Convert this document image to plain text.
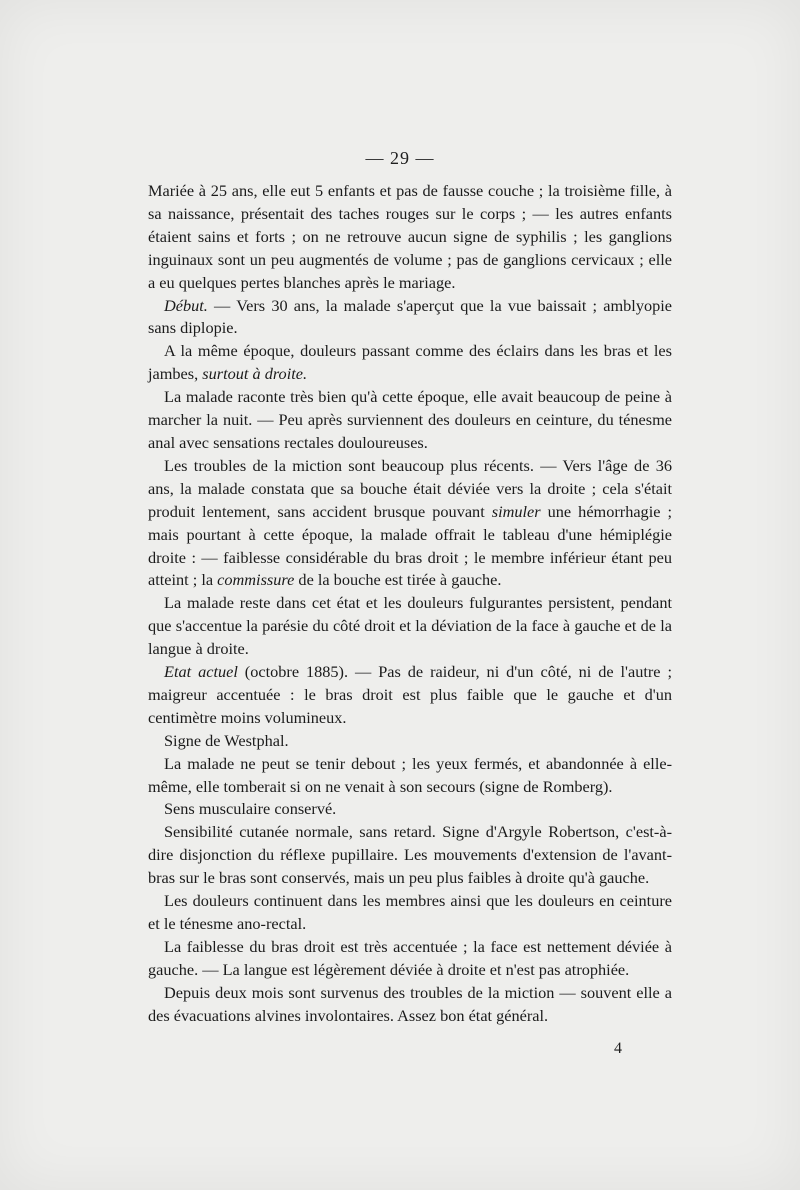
— 29 —

Mariée à 25 ans, elle eut 5 enfants et pas de fausse couche ; la troisième fille, à sa naissance, présentait des taches rouges sur le corps ; — les autres enfants étaient sains et forts ; on ne retrouve aucun signe de syphilis ; les ganglions inguinaux sont un peu augmentés de volume ; pas de ganglions cervicaux ; elle a eu quelques pertes blanches après le mariage.

Début. — Vers 30 ans, la malade s'aperçut que la vue baissait ; amblyopie sans diplopie.

A la même époque, douleurs passant comme des éclairs dans les bras et les jambes, surtout à droite.

La malade raconte très bien qu'à cette époque, elle avait beaucoup de peine à marcher la nuit. — Peu après surviennent des douleurs en ceinture, du ténesme anal avec sensations rectales douloureuses.

Les troubles de la miction sont beaucoup plus récents. — Vers l'âge de 36 ans, la malade constata que sa bouche était déviée vers la droite ; cela s'était produit lentement, sans accident brusque pouvant simuler une hémorrhagie ; mais pourtant à cette époque, la malade offrait le tableau d'une hémiplégie droite : — faiblesse considérable du bras droit ; le membre inférieur étant peu atteint ; la commissure de la bouche est tirée à gauche.

La malade reste dans cet état et les douleurs fulgurantes persistent, pendant que s'accentue la parésie du côté droit et la déviation de la face à gauche et de la langue à droite.

Etat actuel (octobre 1885). — Pas de raideur, ni d'un côté, ni de l'autre ; maigreur accentuée : le bras droit est plus faible que le gauche et d'un centimètre moins volumineux.

Signe de Westphal.

La malade ne peut se tenir debout ; les yeux fermés, et abandonnée à elle-même, elle tomberait si on ne venait à son secours (signe de Romberg).

Sens musculaire conservé.

Sensibilité cutanée normale, sans retard. Signe d'Argyle Robertson, c'est-à-dire disjonction du réflexe pupillaire. Les mouvements d'extension de l'avant-bras sur le bras sont conservés, mais un peu plus faibles à droite qu'à gauche.

Les douleurs continuent dans les membres ainsi que les douleurs en ceinture et le ténesme ano-rectal.

La faiblesse du bras droit est très accentuée ; la face est nettement déviée à gauche. — La langue est légèrement déviée à droite et n'est pas atrophiée.

Depuis deux mois sont survenus des troubles de la miction — souvent elle a des évacuations alvines involontaires. Assez bon état général.

4
